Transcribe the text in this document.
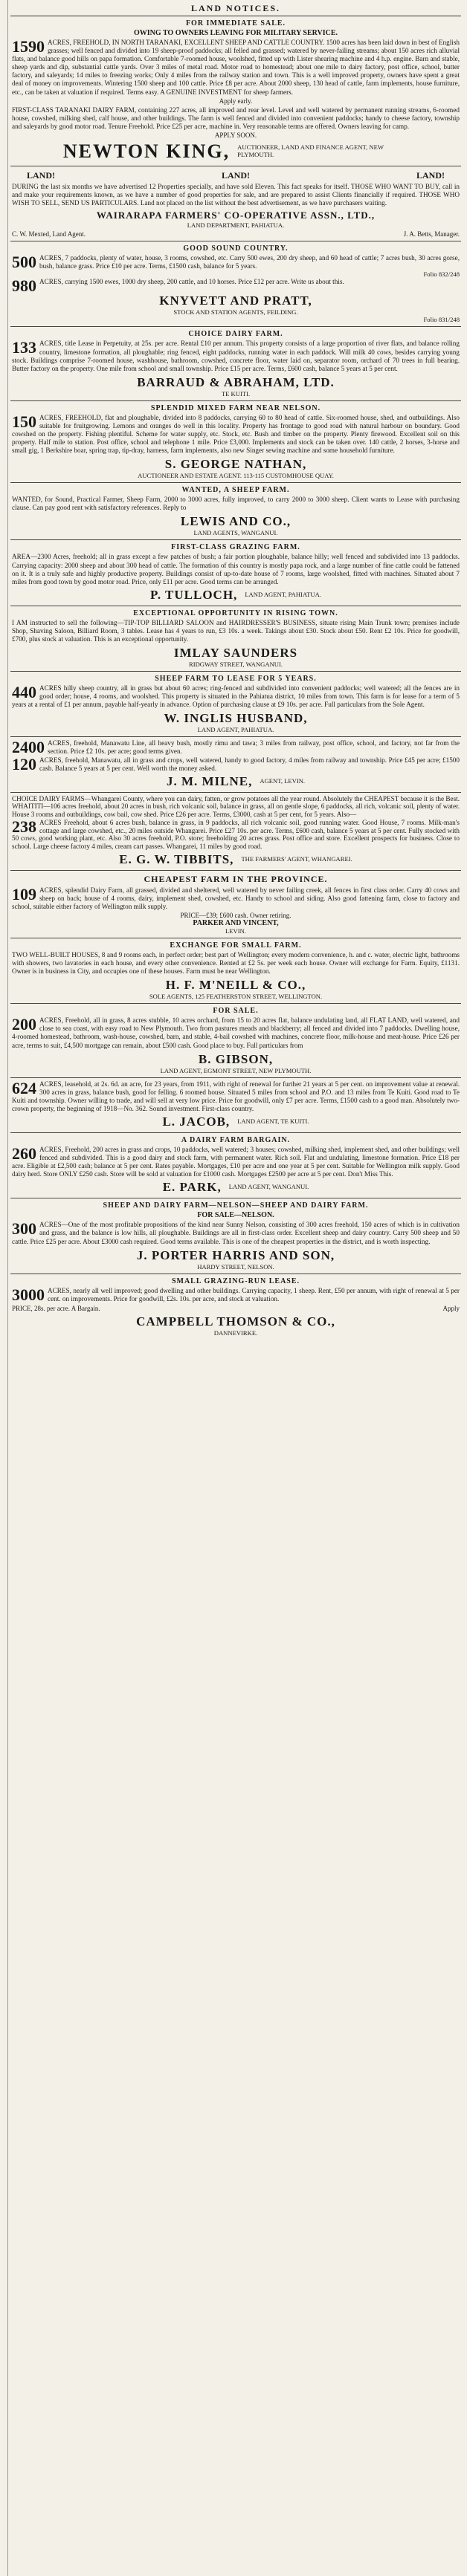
LAND NOTICES.
FOR IMMEDIATE SALE.
OWING TO OWNERS LEAVING FOR MILITARY SERVICE.
1590 ACRES, FREEHOLD, IN NORTH TARANAKI, EXCELLENT SHEEP AND CATTLE COUNTRY. 1500 acres has been laid down in best of English grasses; well fenced and divided into 19 sheep-proof paddocks; all felled and grassed; watered by never-failing streams; about 150 acres rich alluvial flats, and balance good hills on papa formation. Comfortable 7-roomed house, woolshed, fitted up with Lister shearing machine and 4 h.p. engine. Barn and stable, sheep yards and dip, substantial cattle yards. Over 3 miles of metal road. Motor road to homestead; about one mile to dairy factory, post office, school, butter factory, and saleyards; 14 miles to freezing works; Only 4 miles from the railway station and town. This is a well improved property, owners have spent a great deal of money on improvements. Wintering 1500 sheep and 100 cattle. Price £8 per acre. About 2000 sheep, 130 head of cattle, farm implements, house furniture, etc., can be taken at valuation if required. Terms easy. A GENUINE INVESTMENT for sheep farmers.

Apply early.

FIRST-CLASS TARANAKI DAIRY FARM, containing 227 acres, all improved and rear level. Level and well watered by permanent running streams, 6-roomed house, cowshed, milking shed, calf house, and other buildings. The farm is well fenced and divided into convenient paddocks; handy to cheese factory, township and saleyards by good motor road. Tenure Freehold. Price £25 per acre, machine in. Very reasonable terms are offered. Owners leaving for camp.

APPLY SOON.
NEWTON KING, AUCTIONEER, LAND AND FINANCE AGENT, NEW PLYMOUTH.
LAND!	LAND!	LAND!

DURING the last six months we have advertised 12 Properties specially, and have sold Eleven. This fact speaks for itself. THOSE WHO WANT TO BUY, call in and make your requirements known, as we have a number of good properties for sale, and are prepared to assist Clients financially if required. THOSE WHO WISH TO SELL, SEND US PARTICULARS. Land not placed on the list without the best advertisement, as we have purchasers waiting.

WAIRARAPA FARMERS' CO-OPERATIVE ASSN., LTD.,
LAND DEPARTMENT, PAHIATUA.
C. W. Mexted, Land Agent.	J. A. Betts, Manager.
GOOD SOUND COUNTRY.
500 ACRES, 7 paddocks, plenty of water, house, 3 rooms, cowshed, etc. Carry 500 ewes, 200 dry sheep, and 60 head of cattle; 7 acres bush, 30 acres gorse, bush, balance grass. Price £10 per acre. Terms, £1500 cash, balance for 5 years.

Folio 832/248
980 ACRES, carrying 1500 ewes, 1000 dry sheep, 200 cattle, and 10 horses. Price £12 per acre. Write us about this.

KNYVETT AND PRATT,
STOCK AND STATION AGENTS, FEILDING.
Folio 831/248
CHOICE DAIRY FARM.
133 ACRES, title Lease in Perpetuity, at 25s. per acre. Rental £10 per annum. This property consists of a large proportion of river flats, and balance rolling country, limestone formation, all ploughable; ring fenced, eight paddocks, running water in each paddock. Will milk 40 cows, besides carrying young stock. Buildings comprise 7-roomed house, washhouse, bathroom, cowshed, concrete floor, water laid on, separator room, orchard of 70 trees in full bearing. Butter factory on the property. One mile from school and small township. Price £15 per acre. Terms, £600 cash, balance 5 years at 5 per cent.

BARRAUD & ABRAHAM, LTD.
TE KUITI.
SPLENDID MIXED FARM NEAR NELSON.
150 ACRES, FREEHOLD, flat and ploughable, divided into 8 paddocks, carrying 60 to 80 head of cattle. Six-roomed house, shed, and outbuildings. Also suitable for fruitgrowing. Lemons and oranges do well in this locality. Property has frontage to good road with natural harbour on boundary. Good cowshed on the property. Fishing plentiful. Scheme for water supply, etc. Stock, etc. Bush and timber on the property. Plenty firewood. Excellent soil on this property. Half mile to station. Post office, school and telephone 1 mile. Price £3,000. Implements and stock can be taken over. 140 cattle, 2 horses, 3-horse and small gig, 1 Berkshire boar, spring trap, tip-dray, harness, farm implements, also new Singer sewing machine and some household furniture.

S. GEORGE NATHAN,
AUCTIONEER AND ESTATE AGENT. 113-115 CUSTOMHOUSE QUAY.
WANTED, A SHEEP FARM.

WANTED, for Sound, Practical Farmer, Sheep Farm, 2000 to 3000 acres, fully improved, to carry 2000 to 3000 sheep. Client wants to Lease with purchasing clause. Can pay good rent with satisfactory references. Reply to

LEWIS AND CO.,
LAND AGENTS, WANGANUI.
FIRST-CLASS GRAZING FARM.

AREA—2300 Acres, freehold; all in grass except a few patches of bush; a fair portion ploughable, balance hilly; well fenced and subdivided into 13 paddocks. Carrying capacity: 2000 sheep and about 300 head of cattle. The formation of this country is mostly papa rock, and a large number of fine cattle could be fattened on it. It is a truly safe and highly productive property. Buildings consist of up-to-date house of 7 rooms, large woolshed, fitted with machines. Situated about 7 miles from good town by good motor road. Price, only £11 per acre. Good terms can be arranged.

P. TULLOCH, LAND AGENT, PAHIATUA.
EXCEPTIONAL OPPORTUNITY IN RISING TOWN.

I AM instructed to sell the following—TIP-TOP BILLIARD SALOON and HAIRDRESSER'S BUSINESS, situate rising Main Trunk town; premises include Shop, Shaving Saloon, Billiard Room, 3 tables. Lease has 4 years to run, £3 10s. a week. Takings about £30. Stock about £50. Rent £2 10s. Price for goodwill, £700, plus stock at valuation. This is an exceptional opportunity.

IMLAY SAUNDERS
RIDGWAY STREET, WANGANUI.
SHEEP FARM TO LEASE FOR 5 YEARS.
440 ACRES hilly sheep country, all in grass but about 60 acres; ring-fenced and subdivided into convenient paddocks; well watered; all the fences are in good order; house, 4 rooms, and woolshed. This property is situated in the Pahiatua district, 10 miles from town. This farm is for lease for a term of 5 years at a rental of £1 per annum, payable half-yearly in advance. Option of purchasing clause at £9 10s. per acre. Full particulars from the Sole Agent.

W. INGLIS HUSBAND,
LAND AGENT, PAHIATUA.
2400 ACRES, freehold, Manawatu Line, all heavy bush, mostly rimu and tawa; 3 miles from railway, post office, school, and factory, not far from the section. Price £2 10s. per acre; good terms given.

120 ACRES, freehold, Manawatu, all in grass and crops, well watered, handy to good factory, 4 miles from railway and township. Price £45 per acre; £1500 cash. Balance 5 years at 5 per cent. Well worth the money asked.

J. M. MILNE, AGENT, LEVIN.

CHOICE DAIRY FARMS—Whangarei County, where you can dairy, fatten, or grow potatoes all the year round. Absolutely the CHEAPEST because it is the Best. WHAITITI—106 acres freehold, about 20 acres in bush, rich volcanic soil, balance in grass, all on gentle slope, 6 paddocks, all rich, volcanic soil, plenty of water. House 3 rooms and outbuildings, cow bail, cow shed. Price £26 per acre. Terms, £3000, cash at 5 per cent, for 5 years. Also—

238 ACRES Freehold, about 6 acres bush, balance in grass, in 9 paddocks, all rich volcanic soil, good running water. Good House, 7 rooms. Milk-man's cottage and large cowshed, etc., 20 miles outside Whangarei. Price £27 10s. per acre. Terms, £600 cash, balance 5 years at 5 per cent. Fully stocked with 50 cows, good working plant, etc. Also 30 acres freehold, P.O. store; freeholding 20 acres grass. Post office and store. Excellent prospects for business. Close to school. Large cheese factory 4 miles, cream cart passes. Whangarei, 11 miles by good road.

E. G. W. TIBBITS, THE FARMERS' AGENT, WHANGAREI.
CHEAPEST FARM IN THE PROVINCE.
109 ACRES, splendid Dairy Farm, all grassed, divided and sheltered, well watered by never failing creek, all fences in first class order. Carry 40 cows and sheep on back; house of 4 rooms, dairy, implement shed, cowshed, etc. Handy to school and siding. Also good fattening farm, close to factory and school, suitable either factory of Wellington milk supply.

PRICE—£39; £600 cash. Owner retiring.
PARKER AND VINCENT,
LEVIN.
EXCHANGE FOR SMALL FARM.

TWO WELL-BUILT HOUSES, 8 and 9 rooms each, in perfect order; best part of Wellington; every modern convenience, h. and c. water, electric light, bathrooms with showers, two lavatories in each house, and every other convenience. Rented at £2 5s. per week each house. Owner will exchange for Farm. Equity, £1131. Owner is in business in City, and occupies one of these houses. Farm must be near Wellington.

H. F. M'NEILL & CO.,
SOLE AGENTS, 125 FEATHERSTON STREET, WELLINGTON.
FOR SALE.
200 ACRES, Freehold, all in grass, 8 acres stubble, 10 acres orchard, from 15 to 20 acres flat, balance undulating land, all FLAT LAND, well watered, and close to sea coast, with easy road to New Plymouth. Two from pastures meads and blackberry; all fenced and divided into 7 paddocks. Dwelling house, 4-roomed homestead, bathroom, wash-house, cowshed, barn, and stable, 4-bail cowshed with machines, concrete floor, milk-house and meat-house. Price £26 per acre, terms to suit, £4,500 mortgage can remain, about £500 cash. Good place to buy. Full particulars from

B. GIBSON,
LAND AGENT, EGMONT STREET, NEW PLYMOUTH.
624 ACRES, leasehold, at 2s. 6d. an acre, for 23 years, from 1911, with right of renewal for further 21 years at 5 per cent. on improvement value at renewal. 300 acres in grass, balance bush, good for felling. 6 roomed house. Situated 5 miles from school and P.O. and 13 miles from Te Kuiti. Good road to Te Kuiti and township. Owner willing to trade, and will sell at very low price. Price for goodwill, only £7 per acre. Terms, £1500 cash to a good man. Absolutely two-crown property, the beginning of 1918—No. 362. Sound investment. First-class country.

L. JACOB, LAND AGENT, TE KUITI.
A DAIRY FARM BARGAIN.
260 ACRES, Freehold, 200 acres in grass and crops, 10 paddocks, well watered; 3 houses; cowshed, milking shed, implement shed, and other buildings; well fenced and subdivided. This is a good dairy and stock farm, with permanent water. Rich soil. Flat and undulating, limestone formation. Price £18 per acre. Eligible at £2,500 cash; balance at 5 per cent. Rates payable. Mortgages, £10 per acre and one year at 5 per cent. Suitable for Wellington milk supply. Good dairy herd. Store ONLY £250 cash. Store will be sold at valuation for £1000 cash. Mortgages £2500 per acre at 5 per cent. Don't Miss This.

E. PARK, LAND AGENT, WANGANUI.
SHEEP AND DAIRY FARM—NELSON—SHEEP AND DAIRY FARM.
FOR SALE—NELSON.
300 ACRES—One of the most profitable propositions of the kind near Sunny Nelson, consisting of 300 acres freehold, 150 acres of which is in cultivation and grass, and the balance is low hills, all ploughable. Buildings are all in first-class order. Excellent sheep and dairy country. Carry 500 sheep and 50 cattle. Price £25 per acre. About £3000 cash required. Good terms available. This is one of the cheapest properties in the district, and is worth inspecting.

J. PORTER HARRIS AND SON,
HARDY STREET, NELSON.
SMALL GRAZING-RUN LEASE.
3000 ACRES, nearly all well improved; good dwelling and other buildings. Carrying capacity, 1 sheep. Rent, £50 per annum, with right of renewal at 5 per cent. on improvements. Price for goodwill, £2s. 10s. per acre, and stock at valuation.

PRICE, 28s. per acre. A Bargain.	Apply
CAMPBELL THOMSON & CO.,
DANNEVIRKE.
